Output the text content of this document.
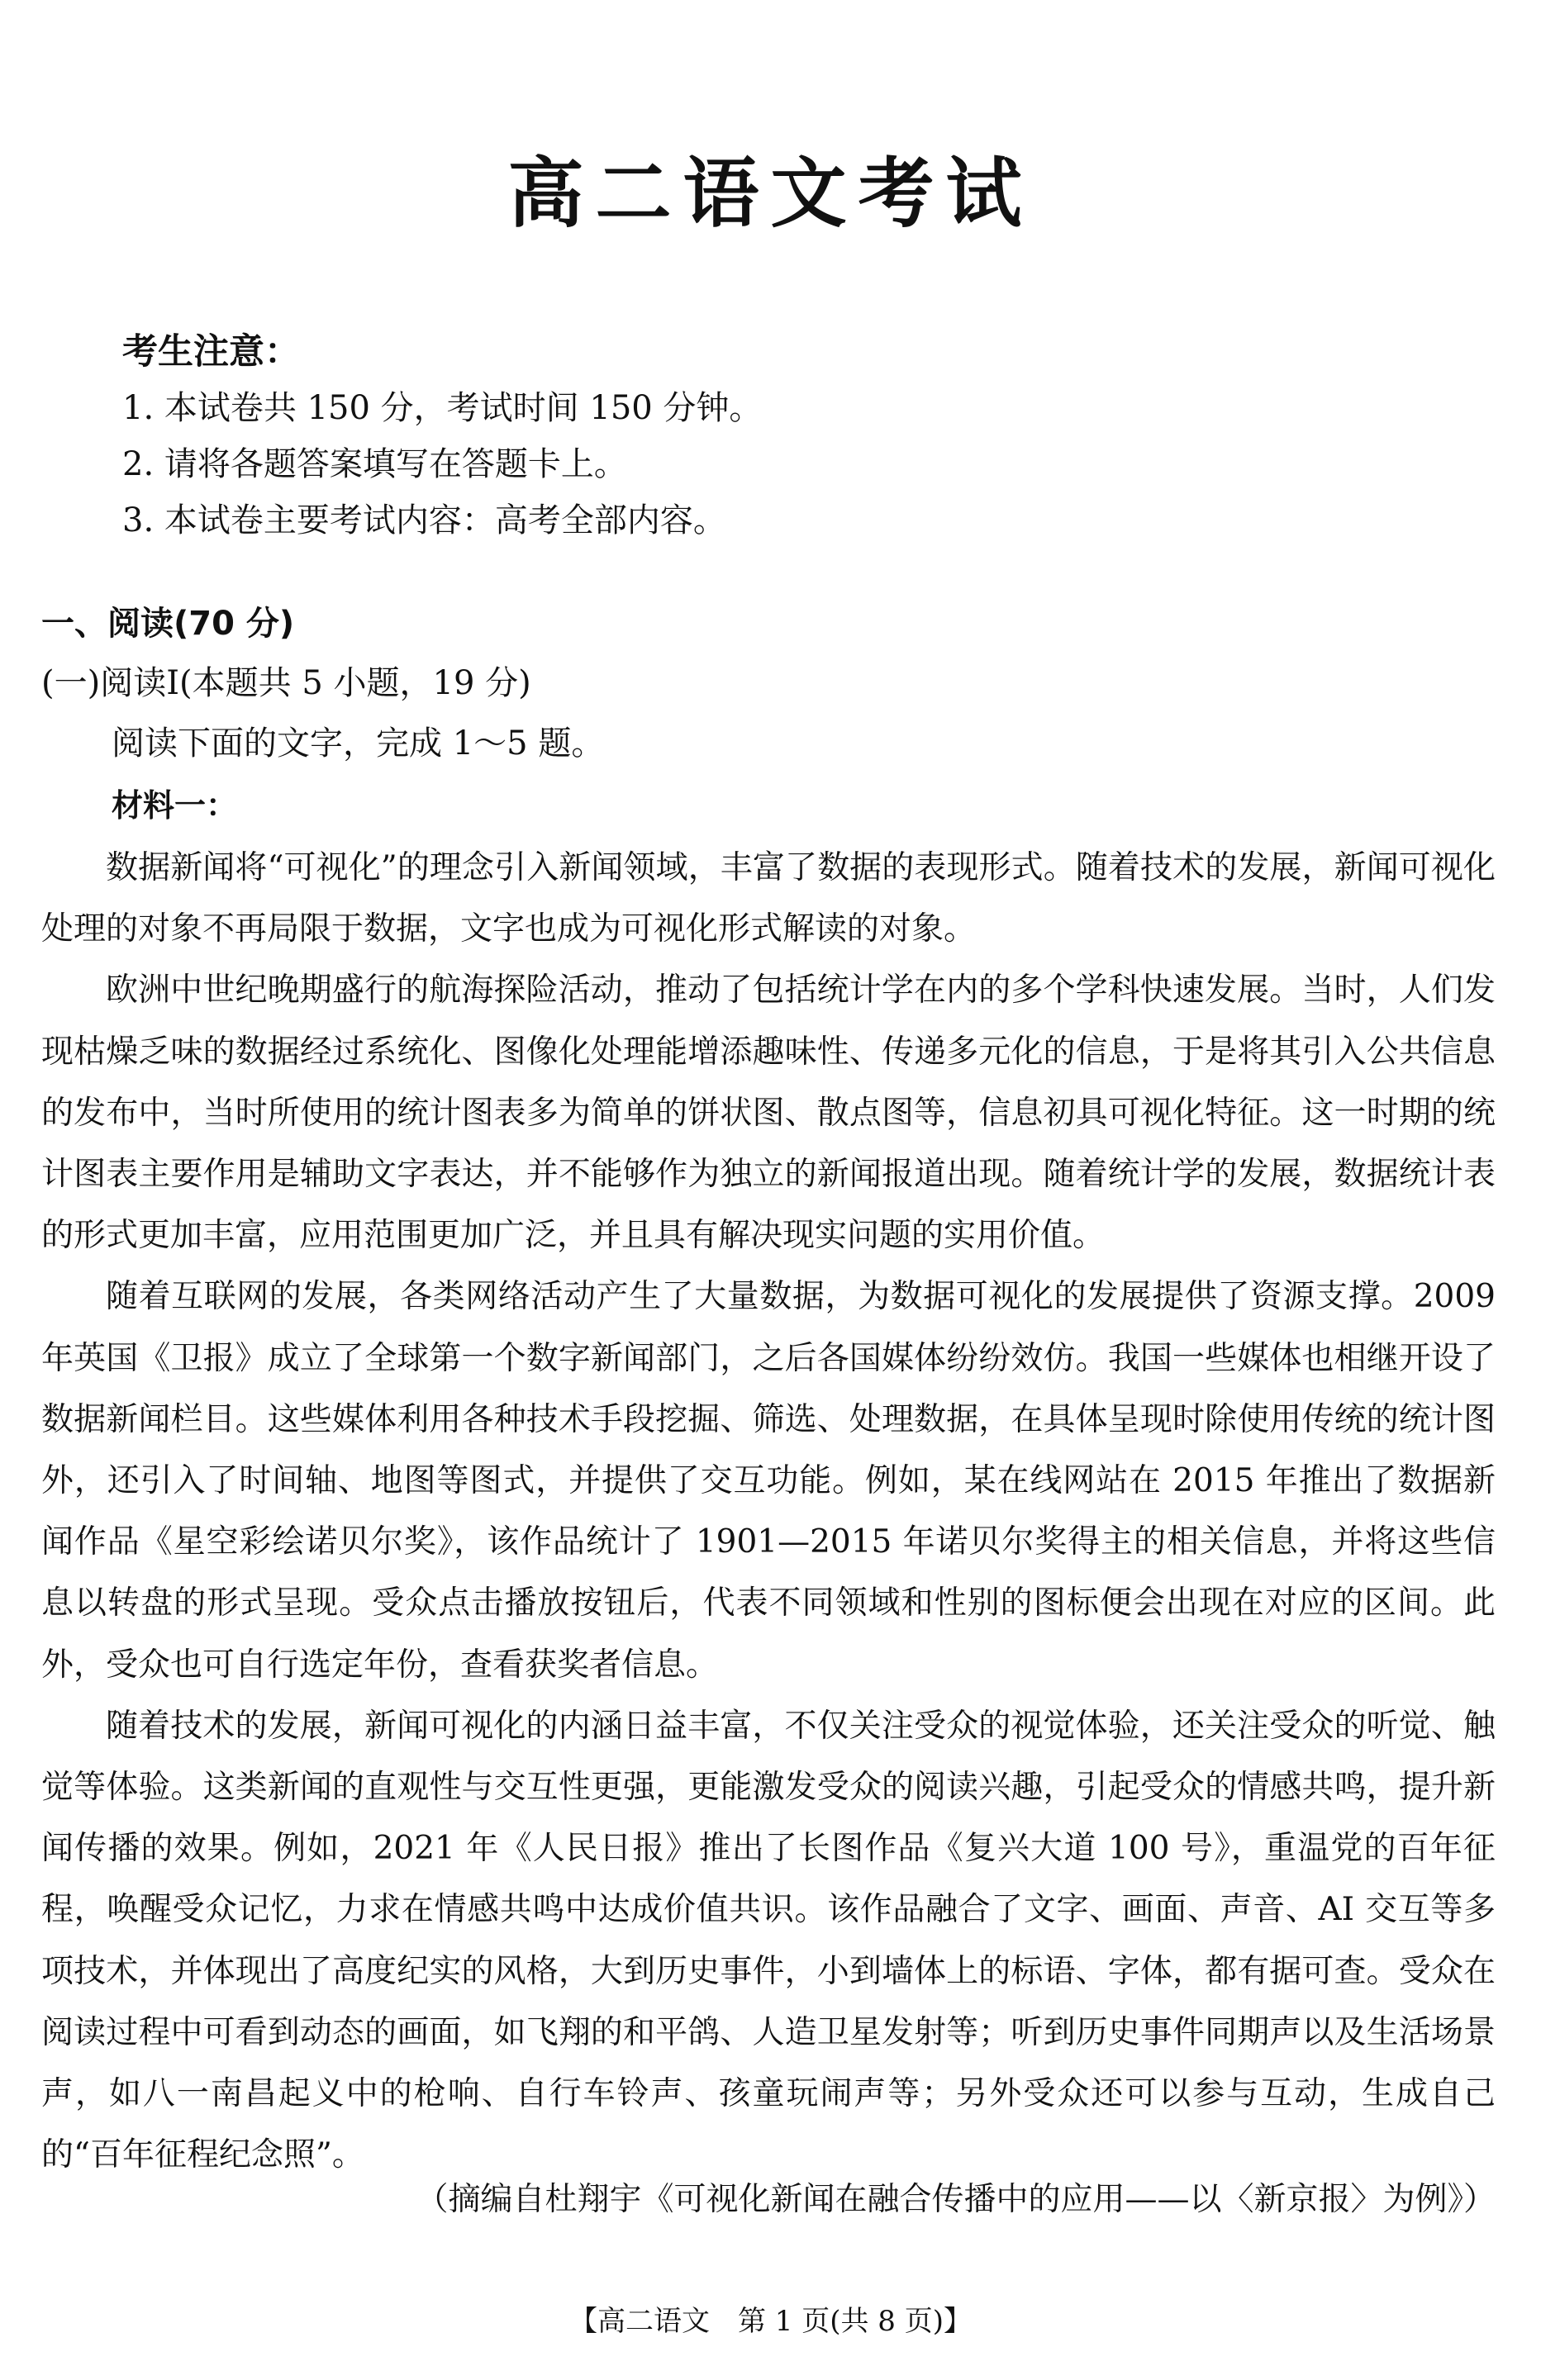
高二语文考试
考生注意：
1. 本试卷共 150 分，考试时间 150 分钟。
2. 请将各题答案填写在答题卡上。
3. 本试卷主要考试内容：高考全部内容。
一、阅读(70 分)
(一)阅读Ⅰ(本题共 5 小题，19 分)
阅读下面的文字，完成 1～5 题。
材料一：

数据新闻将“可视化”的理念引入新闻领域，丰富了数据的表现形式。随着技术的发展，新闻可视化处理的对象不再局限于数据，文字也成为可视化形式解读的对象。

欧洲中世纪晚期盛行的航海探险活动，推动了包括统计学在内的多个学科快速发展。当时，人们发现枯燥乏味的数据经过系统化、图像化处理能增添趣味性、传递多元化的信息，于是将其引入公共信息的发布中，当时所使用的统计图表多为简单的饼状图、散点图等，信息初具可视化特征。这一时期的统计图表主要作用是辅助文字表达，并不能够作为独立的新闻报道出现。随着统计学的发展，数据统计表的形式更加丰富，应用范围更加广泛，并且具有解决现实问题的实用价值。

随着互联网的发展，各类网络活动产生了大量数据，为数据可视化的发展提供了资源支撑。2009 年英国《卫报》成立了全球第一个数字新闻部门，之后各国媒体纷纷效仿。我国一些媒体也相继开设了数据新闻栏目。这些媒体利用各种技术手段挖掘、筛选、处理数据，在具体呈现时除使用传统的统计图外，还引入了时间轴、地图等图式，并提供了交互功能。例如，某在线网站在 2015 年推出了数据新闻作品《星空彩绘诺贝尔奖》，该作品统计了 1901—2015 年诺贝尔奖得主的相关信息，并将这些信息以转盘的形式呈现。受众点击播放按钮后，代表不同领域和性别的图标便会出现在对应的区间。此外，受众也可自行选定年份，查看获奖者信息。

随着技术的发展，新闻可视化的内涵日益丰富，不仅关注受众的视觉体验，还关注受众的听觉、触觉等体验。这类新闻的直观性与交互性更强，更能激发受众的阅读兴趣，引起受众的情感共鸣，提升新闻传播的效果。例如，2021 年《人民日报》推出了长图作品《复兴大道 100 号》，重温党的百年征程，唤醒受众记忆，力求在情感共鸣中达成价值共识。该作品融合了文字、画面、声音、AI 交互等多项技术，并体现出了高度纪实的风格，大到历史事件，小到墙体上的标语、字体，都有据可查。受众在阅读过程中可看到动态的画面，如飞翔的和平鸽、人造卫星发射等；听到历史事件同期声以及生活场景声，如八一南昌起义中的枪响、自行车铃声、孩童玩闹声等；另外受众还可以参与互动，生成自己的“百年征程纪念照”。

（摘编自杜翔宇《可视化新闻在融合传播中的应用——以〈新京报〉为例》）
【高二语文　第 1 页(共 8 页)】
